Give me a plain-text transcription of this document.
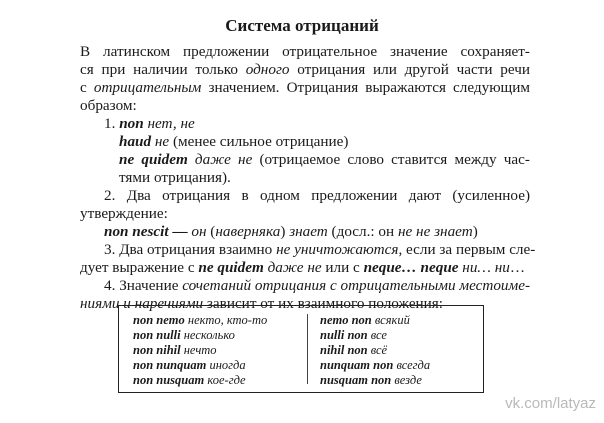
Система отрицаний
В латинском предложении отрицательное значение сохраняет-
ся при наличии только одного отрицания или другой части речи
с отрицательным значением. Отрицания выражаются следующим
образом:
1. non нет, не
haud не (менее сильное отрицание)
ne quidem даже не (отрицаемое слово ставится между час-
тями отрицания).
2. Два отрицания в одном предложении дают (усиленное)
утверждение:
non nescit — он (наверняка) знает (досл.: он не не знает)
3. Два отрицания взаимно не уничтожаются, если за первым сле-
дует выражение с ne quidem даже не или с neque… neque ни… ни…
4. Значение сочетаний отрицания с отрицательными местоиме-
ниями и наречиями зависит от их взаимного положения:
non nemo некто, кто-то
non nulli несколько
non nihil нечто
non nunquam иногда
non nusquam кое-где
nemo non всякий
nulli non все
nihil non всё
nunquam non всегда
nusquam non везде
vk.com/latyaz
